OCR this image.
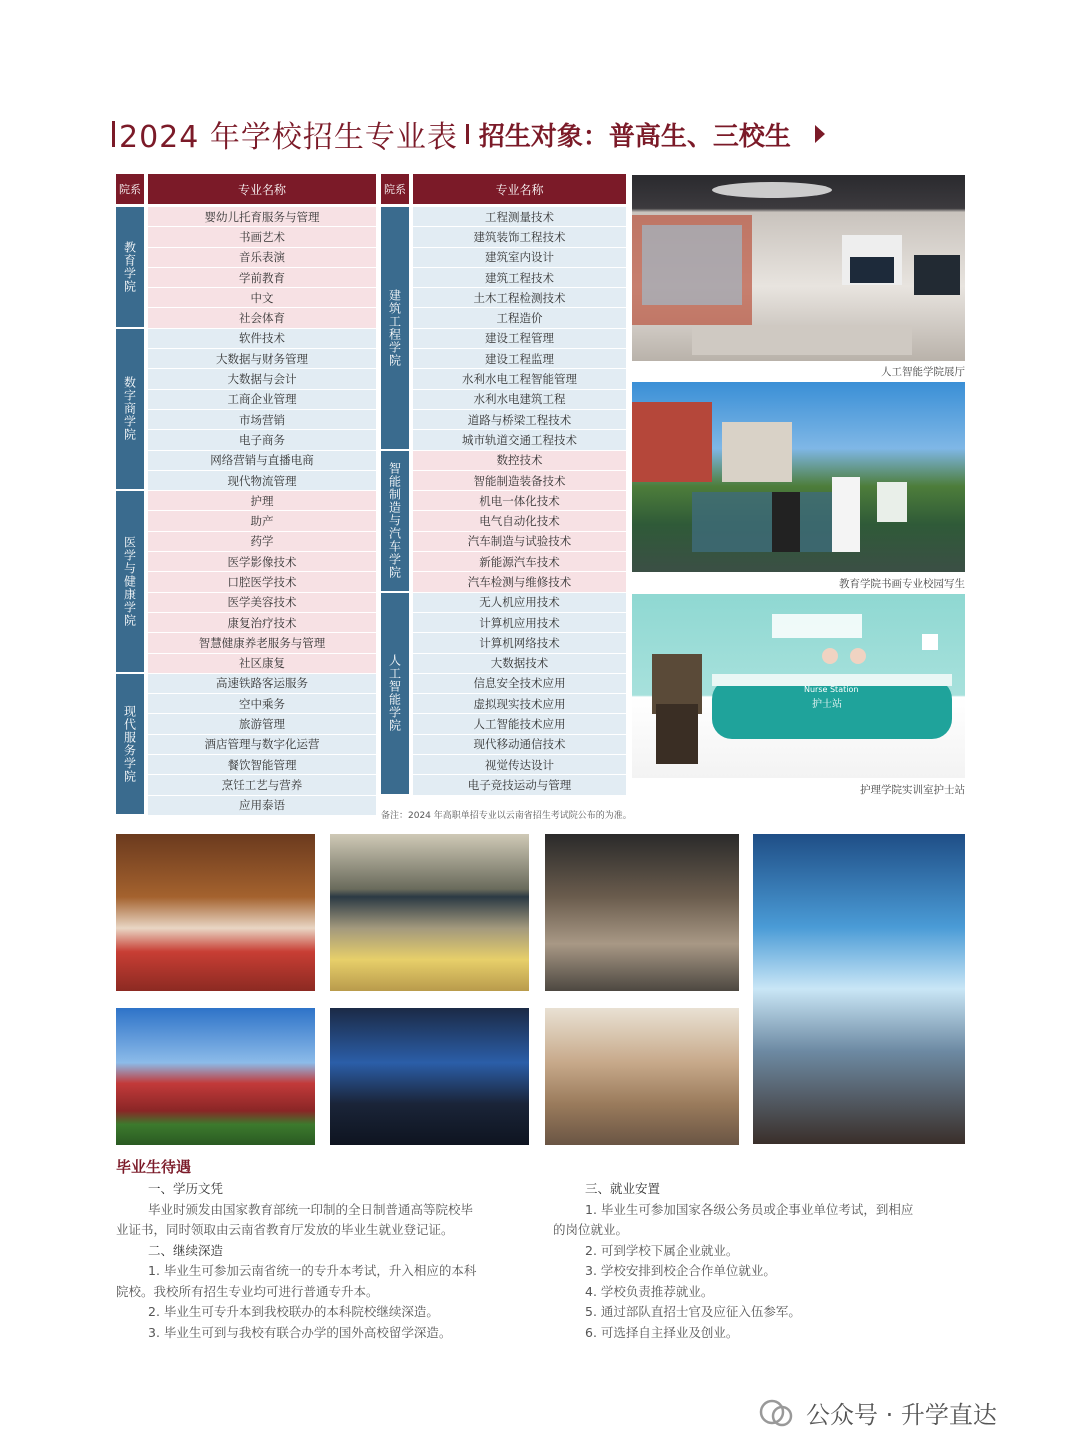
2024 年学校招生专业表 招生对象：普高生、三校生
院系	专业名称
教育学院
数字商学院
医学与健康学院
现代服务学院
婴幼儿托育服务与管理
书画艺术
音乐表演
学前教育
中文
社会体育
软件技术
大数据与财务管理
大数据与会计
工商企业管理
市场营销
电子商务
网络营销与直播电商
现代物流管理
护理
助产
药学
医学影像技术
口腔医学技术
医学美容技术
康复治疗技术
智慧健康养老服务与管理
社区康复
高速铁路客运服务
空中乘务
旅游管理
酒店管理与数字化运营
餐饮智能管理
烹饪工艺与营养
应用泰语
院系	专业名称
建筑工程学院
智能制造与汽车学院
人工智能学院
工程测量技术
建筑装饰工程技术
建筑室内设计
建筑工程技术
土木工程检测技术
工程造价
建设工程管理
建设工程监理
水利水电工程智能管理
水利水电建筑工程
道路与桥梁工程技术
城市轨道交通工程技术
数控技术
智能制造装备技术
机电一体化技术
电气自动化技术
汽车制造与试验技术
新能源汽车技术
汽车检测与维修技术
无人机应用技术
计算机应用技术
计算机网络技术
大数据技术
信息安全技术应用
虚拟现实技术应用
人工智能技术应用
现代移动通信技术
视觉传达设计
电子竞技运动与管理
备注：2024 年高职单招专业以云南省招生考试院公布的为准。
人工智能学院展厅
教育学院书画专业校园写生
Nurse Station
护士站
护理学院实训室护士站
毕业生待遇
一、学历文凭
毕业时颁发由国家教育部统一印制的全日制普通高等院校毕
业证书，同时领取由云南省教育厅发放的毕业生就业登记证。
二、继续深造
1. 毕业生可参加云南省统一的专升本考试，升入相应的本科
院校。我校所有招生专业均可进行普通专升本。
2. 毕业生可专升本到我校联办的本科院校继续深造。
3. 毕业生可到与我校有联合办学的国外高校留学深造。
三、就业安置
1. 毕业生可参加国家各级公务员或企事业单位考试，到相应
的岗位就业。
2. 可到学校下属企业就业。
3. 学校安排到校企合作单位就业。
4. 学校负责推荐就业。
5. 通过部队直招士官及应征入伍参军。
6. 可选择自主择业及创业。
公众号 · 升学直达
